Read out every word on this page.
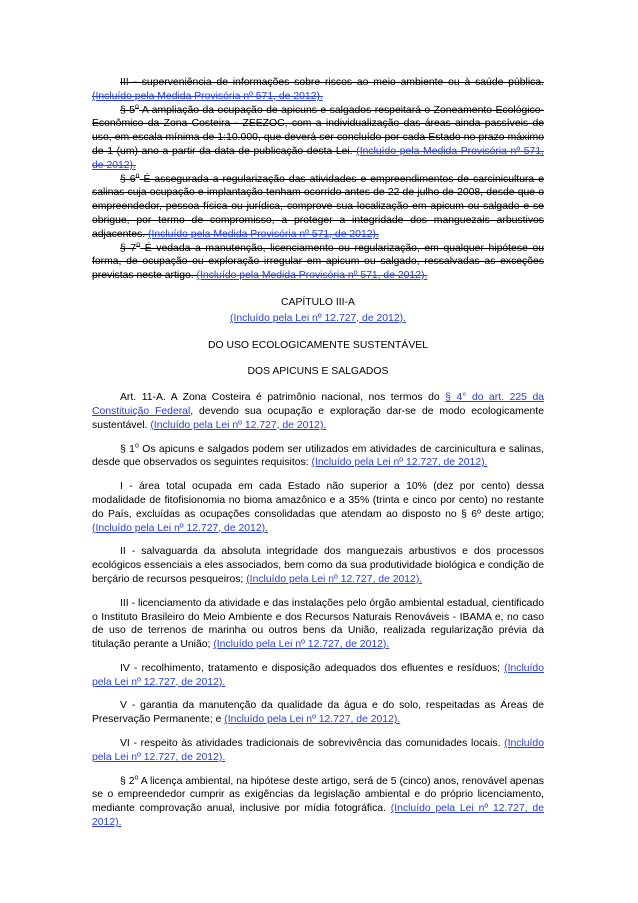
III - superveniência de informações sobre riscos ao meio ambiente ou à saúde pública. (Incluído pela Medida Provisória nº 571, de 2012).

§ 5$^o$ A ampliação da ocupação de apicuns e salgados respeitará o Zoneamento Ecológico-Econômico da Zona Costeira - ZEEZOC, com a individualização das áreas ainda passíveis de uso, em escala mínima de 1:10.000, que deverá ser concluído por cada Estado no prazo máximo de 1 (um) ano a partir da data de publicação desta Lei. (Incluído pela Medida Provisória nº 571, de 2012).

§ 6$^o$ É assegurada a regularização das atividades e empreendimentos de carcinicultura e salinas cuja ocupação e implantação tenham ocorrido antes de 22 de julho de 2008, desde que o empreendedor, pessoa física ou jurídica, comprove sua localização em apicum ou salgado e se obrigue, por termo de compromisso, a proteger a integridade dos manguezais arbustivos adjacentes. (Incluído pela Medida Provisória nº 571, de 2012).

§ 7$^o$ É vedada a manutenção, licenciamento ou regularização, em qualquer hipótese ou forma, de ocupação ou exploração irregular em apicum ou salgado, ressalvadas as exceções previstas neste artigo. (Incluído pela Medida Provisória nº 571, de 2012).

CAPÍTULO III-A

(Incluído pela Lei nº 12.727, de 2012).

DO USO ECOLOGICAMENTE SUSTENTÁVEL

DOS APICUNS E SALGADOS

Art. 11-A. A Zona Costeira é patrimônio nacional, nos termos do § 4° do art. 225 da Constituição Federal, devendo sua ocupação e exploração dar-se de modo ecologicamente sustentável. (Incluído pela Lei nº 12.727, de 2012).

§ 1$^o$ Os apicuns e salgados podem ser utilizados em atividades de carcinicultura e salinas, desde que observados os seguintes requisitos: (Incluído pela Lei nº 12.727, de 2012).

I - área total ocupada em cada Estado não superior a 10% (dez por cento) dessa modalidade de fitofisionomia no bioma amazônico e a 35% (trinta e cinco por cento) no restante do País, excluídas as ocupações consolidadas que atendam ao disposto no § 6º deste artigo; (Incluído pela Lei nº 12.727, de 2012).

II - salvaguarda da absoluta integridade dos manguezais arbustivos e dos processos ecológicos essenciais a eles associados, bem como da sua produtividade biológica e condição de berçário de recursos pesqueiros; (Incluído pela Lei nº 12.727, de 2012).

III - licenciamento da atividade e das instalações pelo órgão ambiental estadual, cientificado o Instituto Brasileiro do Meio Ambiente e dos Recursos Naturais Renováveis - IBAMA e, no caso de uso de terrenos de marinha ou outros bens da União, realizada regularização prévia da titulação perante a União; (Incluído pela Lei nº 12.727, de 2012).

IV - recolhimento, tratamento e disposição adequados dos efluentes e resíduos; (Incluído pela Lei nº 12.727, de 2012).

V - garantia da manutenção da qualidade da água e do solo, respeitadas as Áreas de Preservação Permanente; e (Incluído pela Lei nº 12.727, de 2012).

VI - respeito às atividades tradicionais de sobrevivência das comunidades locais. (Incluído pela Lei nº 12.727, de 2012).

§ 2$^o$ A licença ambiental, na hipótese deste artigo, será de 5 (cinco) anos, renovável apenas se o empreendedor cumprir as exigências da legislação ambiental e do próprio licenciamento, mediante comprovação anual, inclusive por mídia fotográfica. (Incluído pela Lei nº 12.727, de 2012).
